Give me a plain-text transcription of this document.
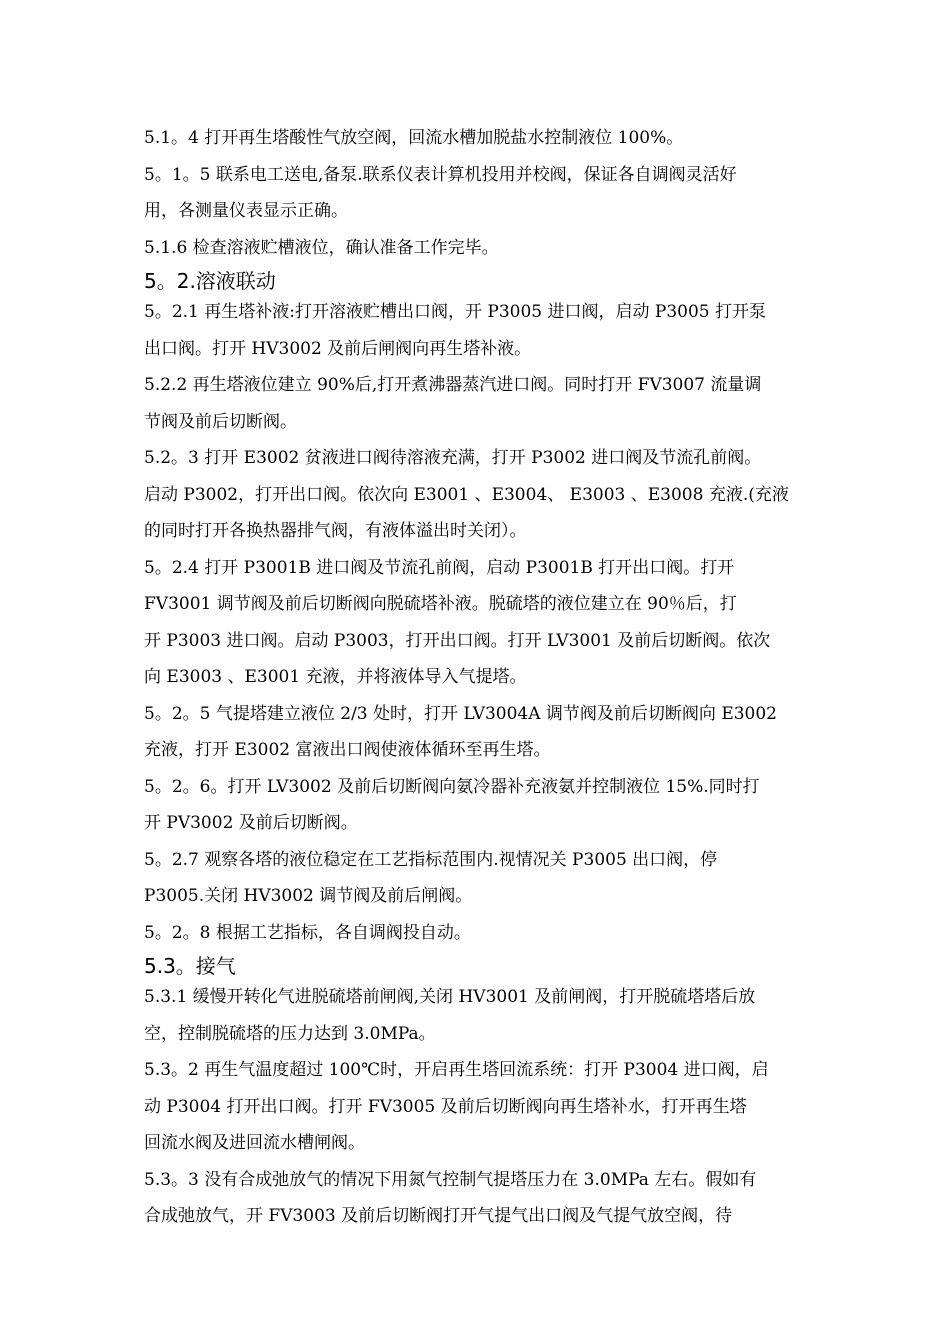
5.1。4 打开再生塔酸性气放空阀，回流水槽加脱盐水控制液位 100%。
5。1。5 联系电工送电,备泵.联系仪表计算机投用并校阀，保证各自调阀灵活好
用，各测量仪表显示正确。
5.1.6 检查溶液贮槽液位，确认准备工作完毕。
5。2.溶液联动
5。2.1 再生塔补液:打开溶液贮槽出口阀，开 P3005 进口阀，启动 P3005 打开泵
出口阀。打开 HV3002 及前后闸阀向再生塔补液。
5.2.2 再生塔液位建立 90%后,打开煮沸器蒸汽进口阀。同时打开 FV3007 流量调
节阀及前后切断阀。
5.2。3 打开 E3002 贫液进口阀待溶液充满，打开 P3002 进口阀及节流孔前阀。
启动 P3002，打开出口阀。依次向 E3001 、E3004、 E3003 、E3008 充液.(充液
的同时打开各换热器排气阀，有液体溢出时关闭）。
5。2.4 打开 P3001B 进口阀及节流孔前阀，启动 P3001B 打开出口阀。打开
FV3001 调节阀及前后切断阀向脱硫塔补液。脱硫塔的液位建立在 90％后，打
开 P3003 进口阀。启动 P3003，打开出口阀。打开 LV3001 及前后切断阀。依次
向 E3003 、E3001 充液，并将液体导入气提塔。
5。2。5 气提塔建立液位 2/3 处时，打开 LV3004A 调节阀及前后切断阀向 E3002
充液，打开 E3002 富液出口阀使液体循环至再生塔。
5。2。6。打开 LV3002 及前后切断阀向氨冷器补充液氨并控制液位 15%.同时打
开 PV3002 及前后切断阀。
5。2.7 观察各塔的液位稳定在工艺指标范围内.视情况关 P3005 出口阀，停
P3005.关闭 HV3002 调节阀及前后闸阀。
5。2。8 根据工艺指标，各自调阀投自动。
5.3。接气
5.3.1 缓慢开转化气进脱硫塔前闸阀,关闭 HV3001 及前闸阀，打开脱硫塔塔后放
空，控制脱硫塔的压力达到 3.0MPa。
5.3。2 再生气温度超过 100℃时，开启再生塔回流系统：打开 P3004 进口阀，启
动 P3004 打开出口阀。打开 FV3005 及前后切断阀向再生塔补水，打开再生塔
回流水阀及进回流水槽闸阀。
5.3。3 没有合成弛放气的情况下用氮气控制气提塔压力在 3.0MPa 左右。假如有
合成弛放气，开 FV3003 及前后切断阀打开气提气出口阀及气提气放空阀，待
